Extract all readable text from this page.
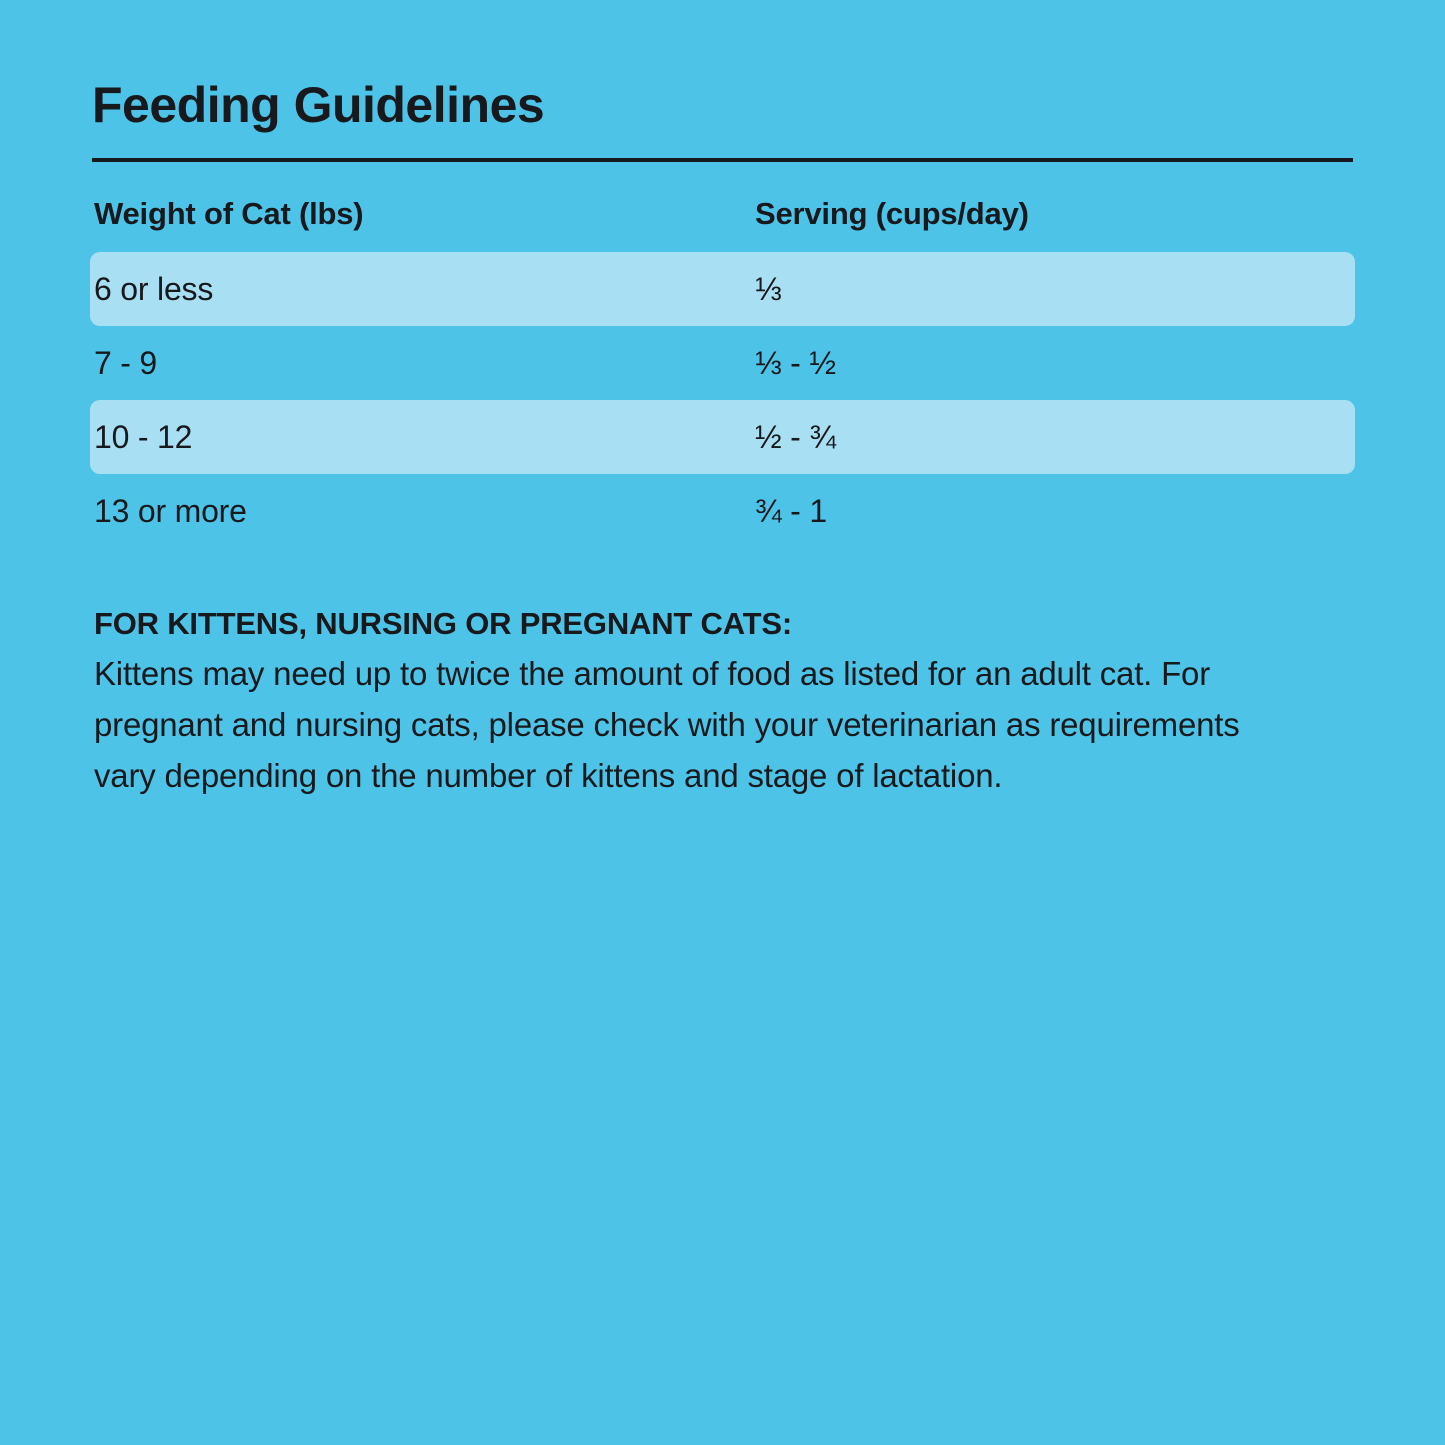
Feeding Guidelines
Weight of Cat (lbs)	Serving (cups/day)
6 or less	⅓
7 - 9	⅓ - ½
10 - 12	½ - ¾
13 or more	¾ - 1

FOR KITTENS, NURSING OR PREGNANT CATS:

Kittens may need up to twice the amount of food as listed for an adult cat. For pregnant and nursing cats, please check with your veterinarian as requirements vary depending on the number of kittens and stage of lactation.
